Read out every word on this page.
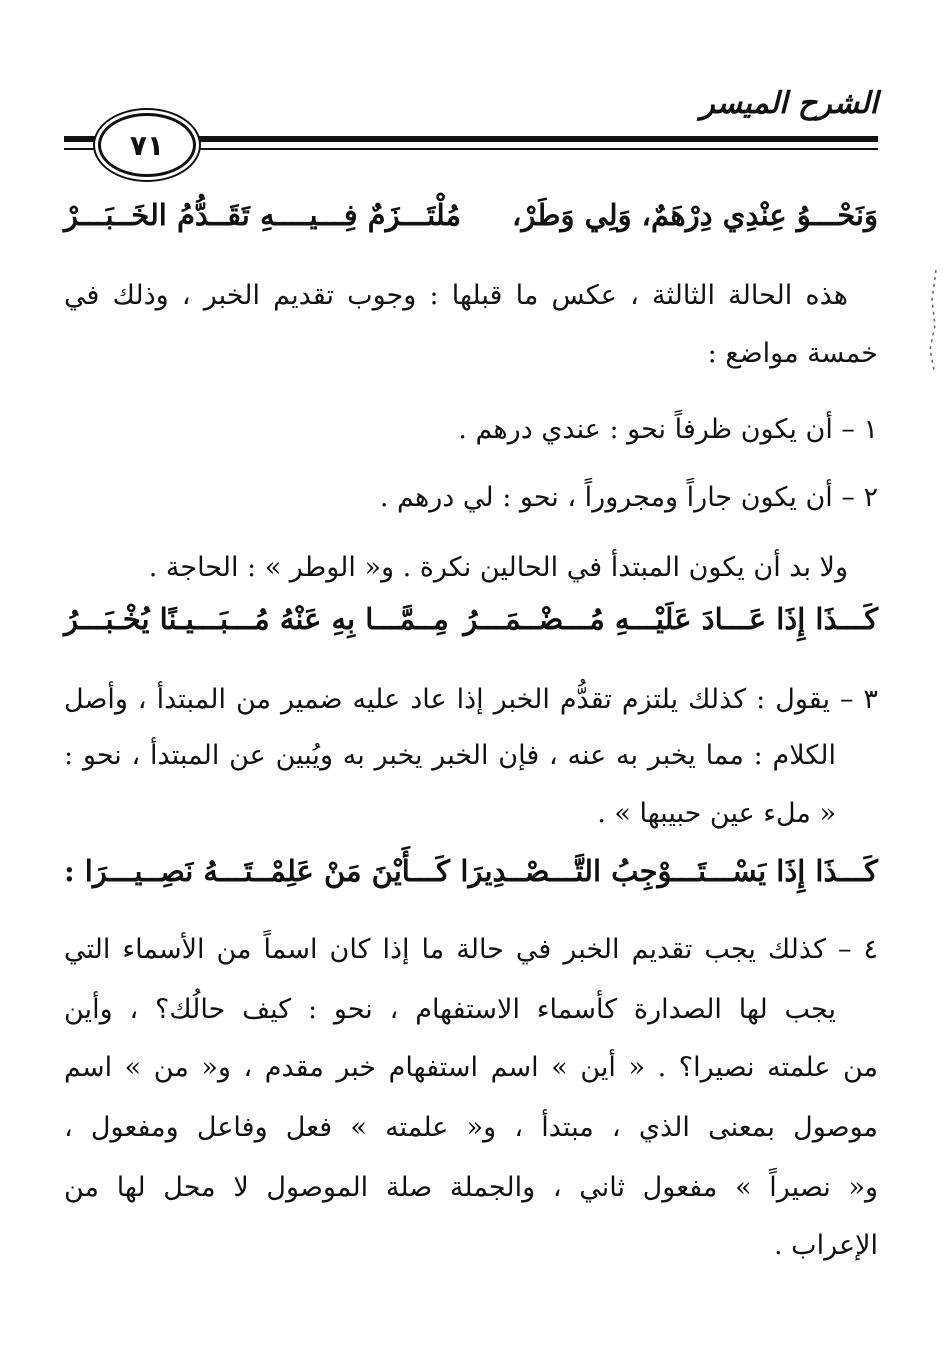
الشرح الميسر
٧١
وَنَحْـــوُ عِنْدِي دِرْهَمٌ، وَلِي وَطَرْ،
مُلْتَـــزَمٌ فِـــيــــهِ تَقَــدُّمُ الخَــبَـــرْ
هذه الحالة الثالثة ، عكس ما قبلها : وجوب تقديم الخبر ، وذلك في
خمسة مواضع :
١ – أن يكون ظرفاً نحو : عندي درهم .
٢ – أن يكون جاراً ومجروراً ، نحو : لي درهم .
ولا بد أن يكون المبتدأ في الحالين نكرة . و« الوطر » : الحاجة .
كَـــذَا إِذَا عَـــادَ عَلَيْـــهِ مُـــضْــمَـــرُ
مِــمَّـــا بِهِ عَنْهُ مُـــبَـــيـنًا يُخْـبَـــرُ
٣ – يقول : كذلك يلتزم تقدُّم الخبر إذا عاد عليه ضمير من المبتدأ ، وأصل
الكلام : مما يخبر به عنه ، فإن الخبر يخبر به ويُبين عن المبتدأ ، نحو :
« ملء عين حبيبها » .
كَـــذَا إِذَا يَسْـــتَـــوْجِبُ التَّـــصْــدِيرَا
كَـــأَيْنَ مَنْ عَلِمْــتَـــهُ نَصِــيـــرَا :
٤ – كذلك يجب تقديم الخبر في حالة ما إذا كان اسماً من الأسماء التي
يجب لها الصدارة كأسماء الاستفهام ، نحو : كيف حالُك؟ ، وأين
من علمته نصيرا؟ . « أين » اسم استفهام خبر مقدم ، و« من » اسم
موصول بمعنى الذي ، مبتدأ ، و« علمته » فعل وفاعل ومفعول ،
و« نصيراً » مفعول ثاني ، والجملة صلة الموصول لا محل لها من
الإعراب .
